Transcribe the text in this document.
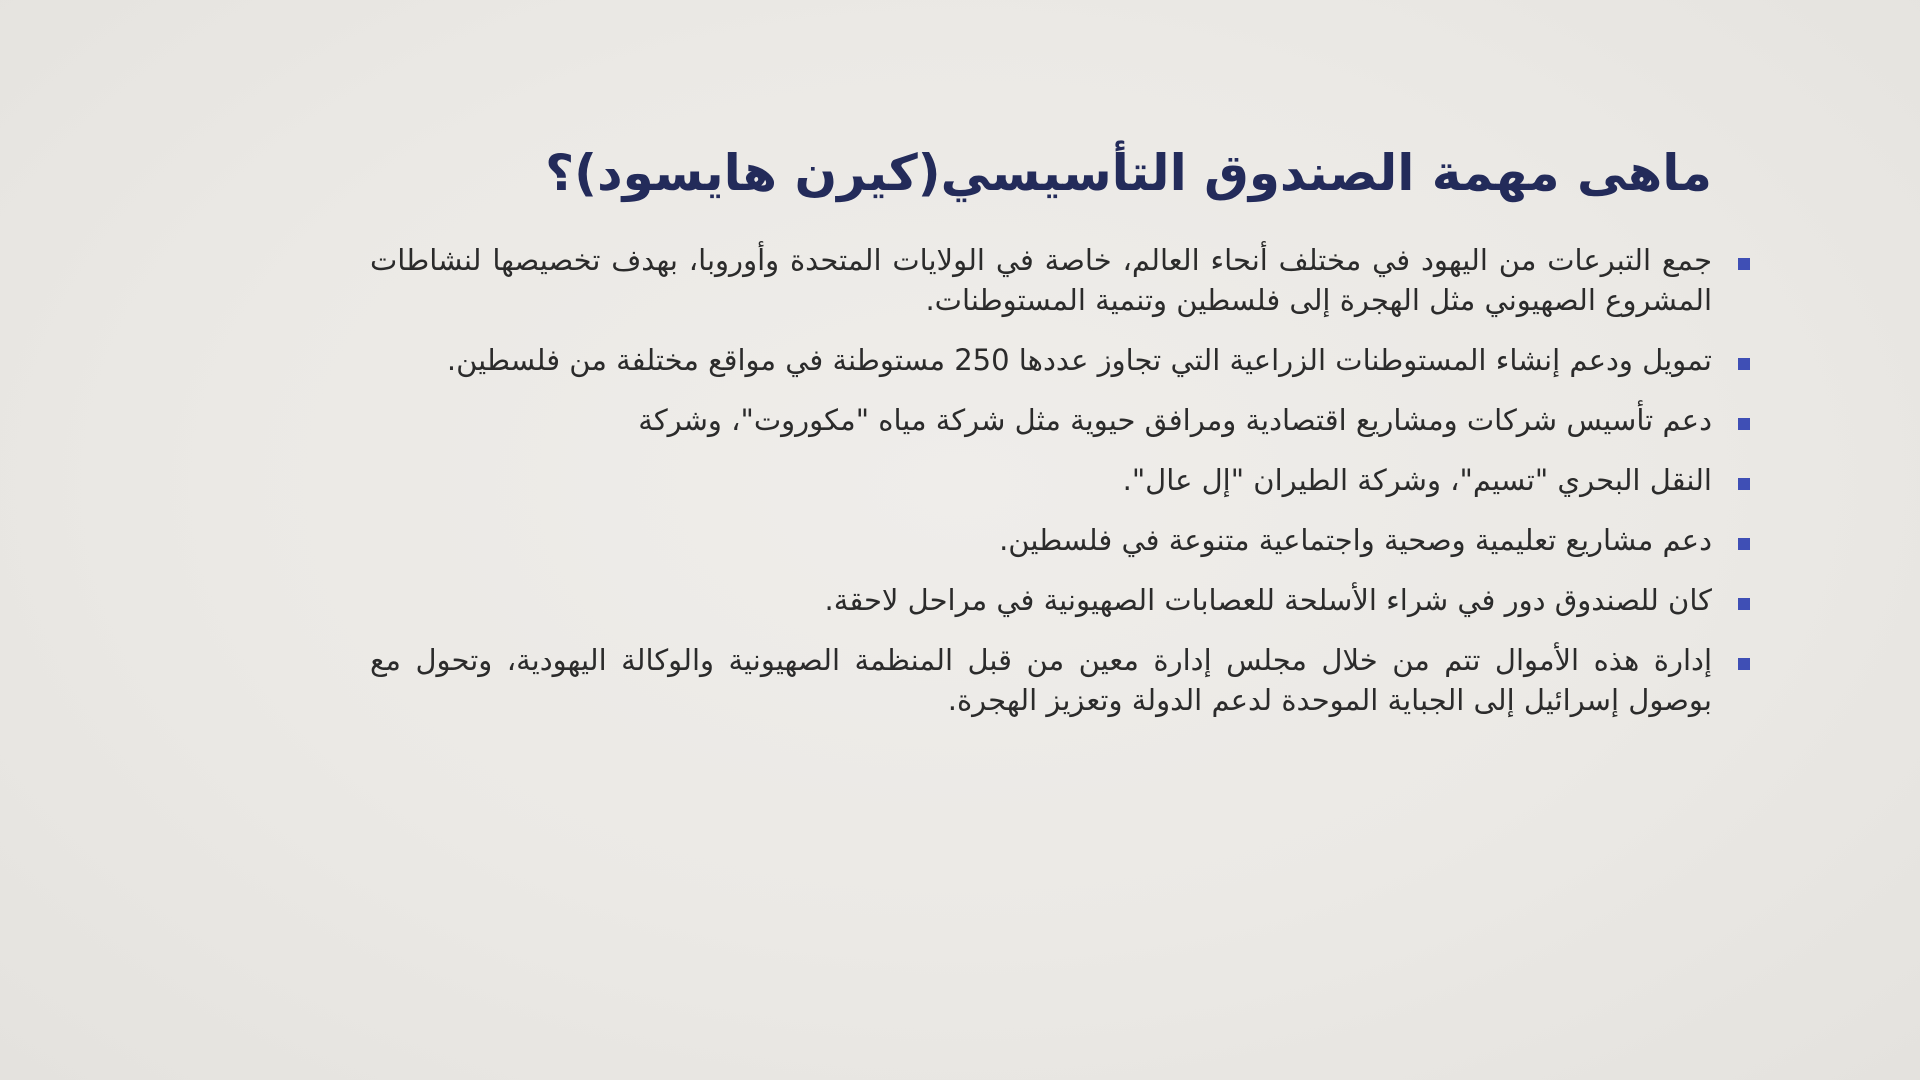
ماهى مهمة الصندوق التأسيسي(كيرن هايسود)؟
جمع التبرعات من اليهود في مختلف أنحاء العالم، خاصة في الولايات المتحدة وأوروبا، بهدف تخصيصها لنشاطات المشروع الصهيوني مثل الهجرة إلى فلسطين وتنمية المستوطنات.
تمويل ودعم إنشاء المستوطنات الزراعية التي تجاوز عددها 250 مستوطنة في مواقع مختلفة من فلسطين.
دعم تأسيس شركات ومشاريع اقتصادية ومرافق حيوية مثل شركة مياه "مكوروت"، وشركة
النقل البحري "تسيم"، وشركة الطيران "إل عال".
دعم مشاريع تعليمية وصحية واجتماعية متنوعة في فلسطين.
كان للصندوق دور في شراء الأسلحة للعصابات الصهيونية في مراحل لاحقة.
إدارة هذه الأموال تتم من خلال مجلس إدارة معين من قبل المنظمة الصهيونية والوكالة اليهودية، وتحول مع بوصول إسرائيل إلى الجباية الموحدة لدعم الدولة وتعزيز الهجرة.
